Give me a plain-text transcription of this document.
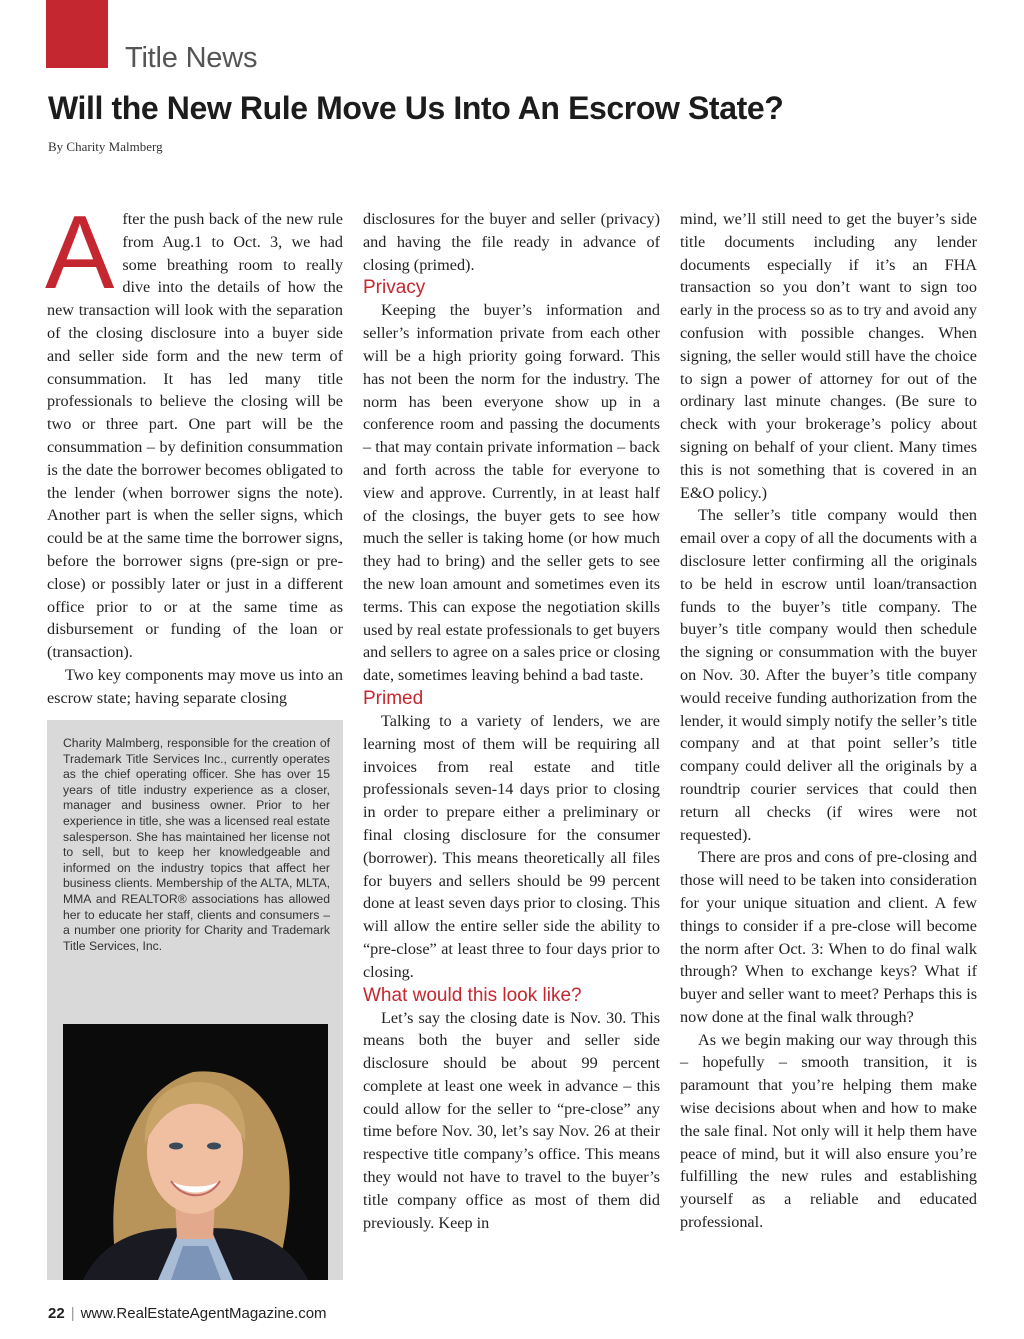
Title News
Will the New Rule Move Us Into An Escrow State?
By Charity Malmberg
A fter the push back of the new rule from Aug.1 to Oct. 3, we had some breathing room to really dive into the details of how the new transaction will look with the separation of the closing disclosure into a buyer side and seller side form and the new term of consummation. It has led many title professionals to believe the closing will be two or three part. One part will be the consummation – by definition consummation is the date the borrower becomes obligated to the lender (when borrower signs the note). Another part is when the seller signs, which could be at the same time the borrower signs, before the borrower signs (pre-sign or pre-close) or possibly later or just in a different office prior to or at the same time as disbursement or funding of the loan or (transaction).

Two key components may move us into an escrow state; having separate closing

Charity Malmberg, responsible for the creation of Trademark Title Services Inc., currently operates as the chief operating officer. She has over 15 years of title industry experience as a closer, manager and business owner. Prior to her experience in title, she was a licensed real estate salesperson. She has maintained her license not to sell, but to keep her knowledgeable and informed on the industry topics that affect her business clients. Membership of the ALTA, MLTA, MMA and REALTOR® associations has allowed her to educate her staff, clients and consumers – a number one priority for Charity and Trademark Title Services, Inc.

disclosures for the buyer and seller (privacy) and having the file ready in advance of closing (primed).

Privacy

Keeping the buyer’s information and seller’s information private from each other will be a high priority going forward. This has not been the norm for the industry. The norm has been everyone show up in a conference room and passing the documents – that may contain private information – back and forth across the table for everyone to view and approve. Currently, in at least half of the closings, the buyer gets to see how much the seller is taking home (or how much they had to bring) and the seller gets to see the new loan amount and sometimes even its terms. This can expose the negotiation skills used by real estate professionals to get buyers and sellers to agree on a sales price or closing date, sometimes leaving behind a bad taste.

Primed

Talking to a variety of lenders, we are learning most of them will be requiring all invoices from real estate and title professionals seven-14 days prior to closing in order to prepare either a preliminary or final closing disclosure for the consumer (borrower). This means theoretically all files for buyers and sellers should be 99 percent done at least seven days prior to closing. This will allow the entire seller side the ability to “pre-close” at least three to four days prior to closing.

What would this look like?

Let’s say the closing date is Nov. 30. This means both the buyer and seller side disclosure should be about 99 percent complete at least one week in advance – this could allow for the seller to “pre-close” any time before Nov. 30, let’s say Nov. 26 at their respective title company’s office. This means they would not have to travel to the buyer’s title company office as most of them did previously. Keep in

mind, we’ll still need to get the buyer’s side title documents including any lender documents especially if it’s an FHA transaction so you don’t want to sign too early in the process so as to try and avoid any confusion with possible changes. When signing, the seller would still have the choice to sign a power of attorney for out of the ordinary last minute changes. (Be sure to check with your brokerage’s policy about signing on behalf of your client. Many times this is not something that is covered in an E&O policy.)

The seller’s title company would then email over a copy of all the documents with a disclosure letter confirming all the originals to be held in escrow until loan/transaction funds to the buyer’s title company. The buyer’s title company would then schedule the signing or consummation with the buyer on Nov. 30. After the buyer’s title company would receive funding authorization from the lender, it would simply notify the seller’s title company and at that point seller’s title company could deliver all the originals by a roundtrip courier services that could then return all checks (if wires were not requested).

There are pros and cons of pre-closing and those will need to be taken into consideration for your unique situation and client. A few things to consider if a pre-close will become the norm after Oct. 3: When to do final walk through? When to exchange keys? What if buyer and seller want to meet? Perhaps this is now done at the final walk through?

As we begin making our way through this – hopefully – smooth transition, it is paramount that you’re helping them make wise decisions about when and how to make the sale final. Not only will it help them have peace of mind, but it will also ensure you’re fulfilling the new rules and establishing yourself as a reliable and educated professional.

22 | www.RealEstateAgentMagazine.com
